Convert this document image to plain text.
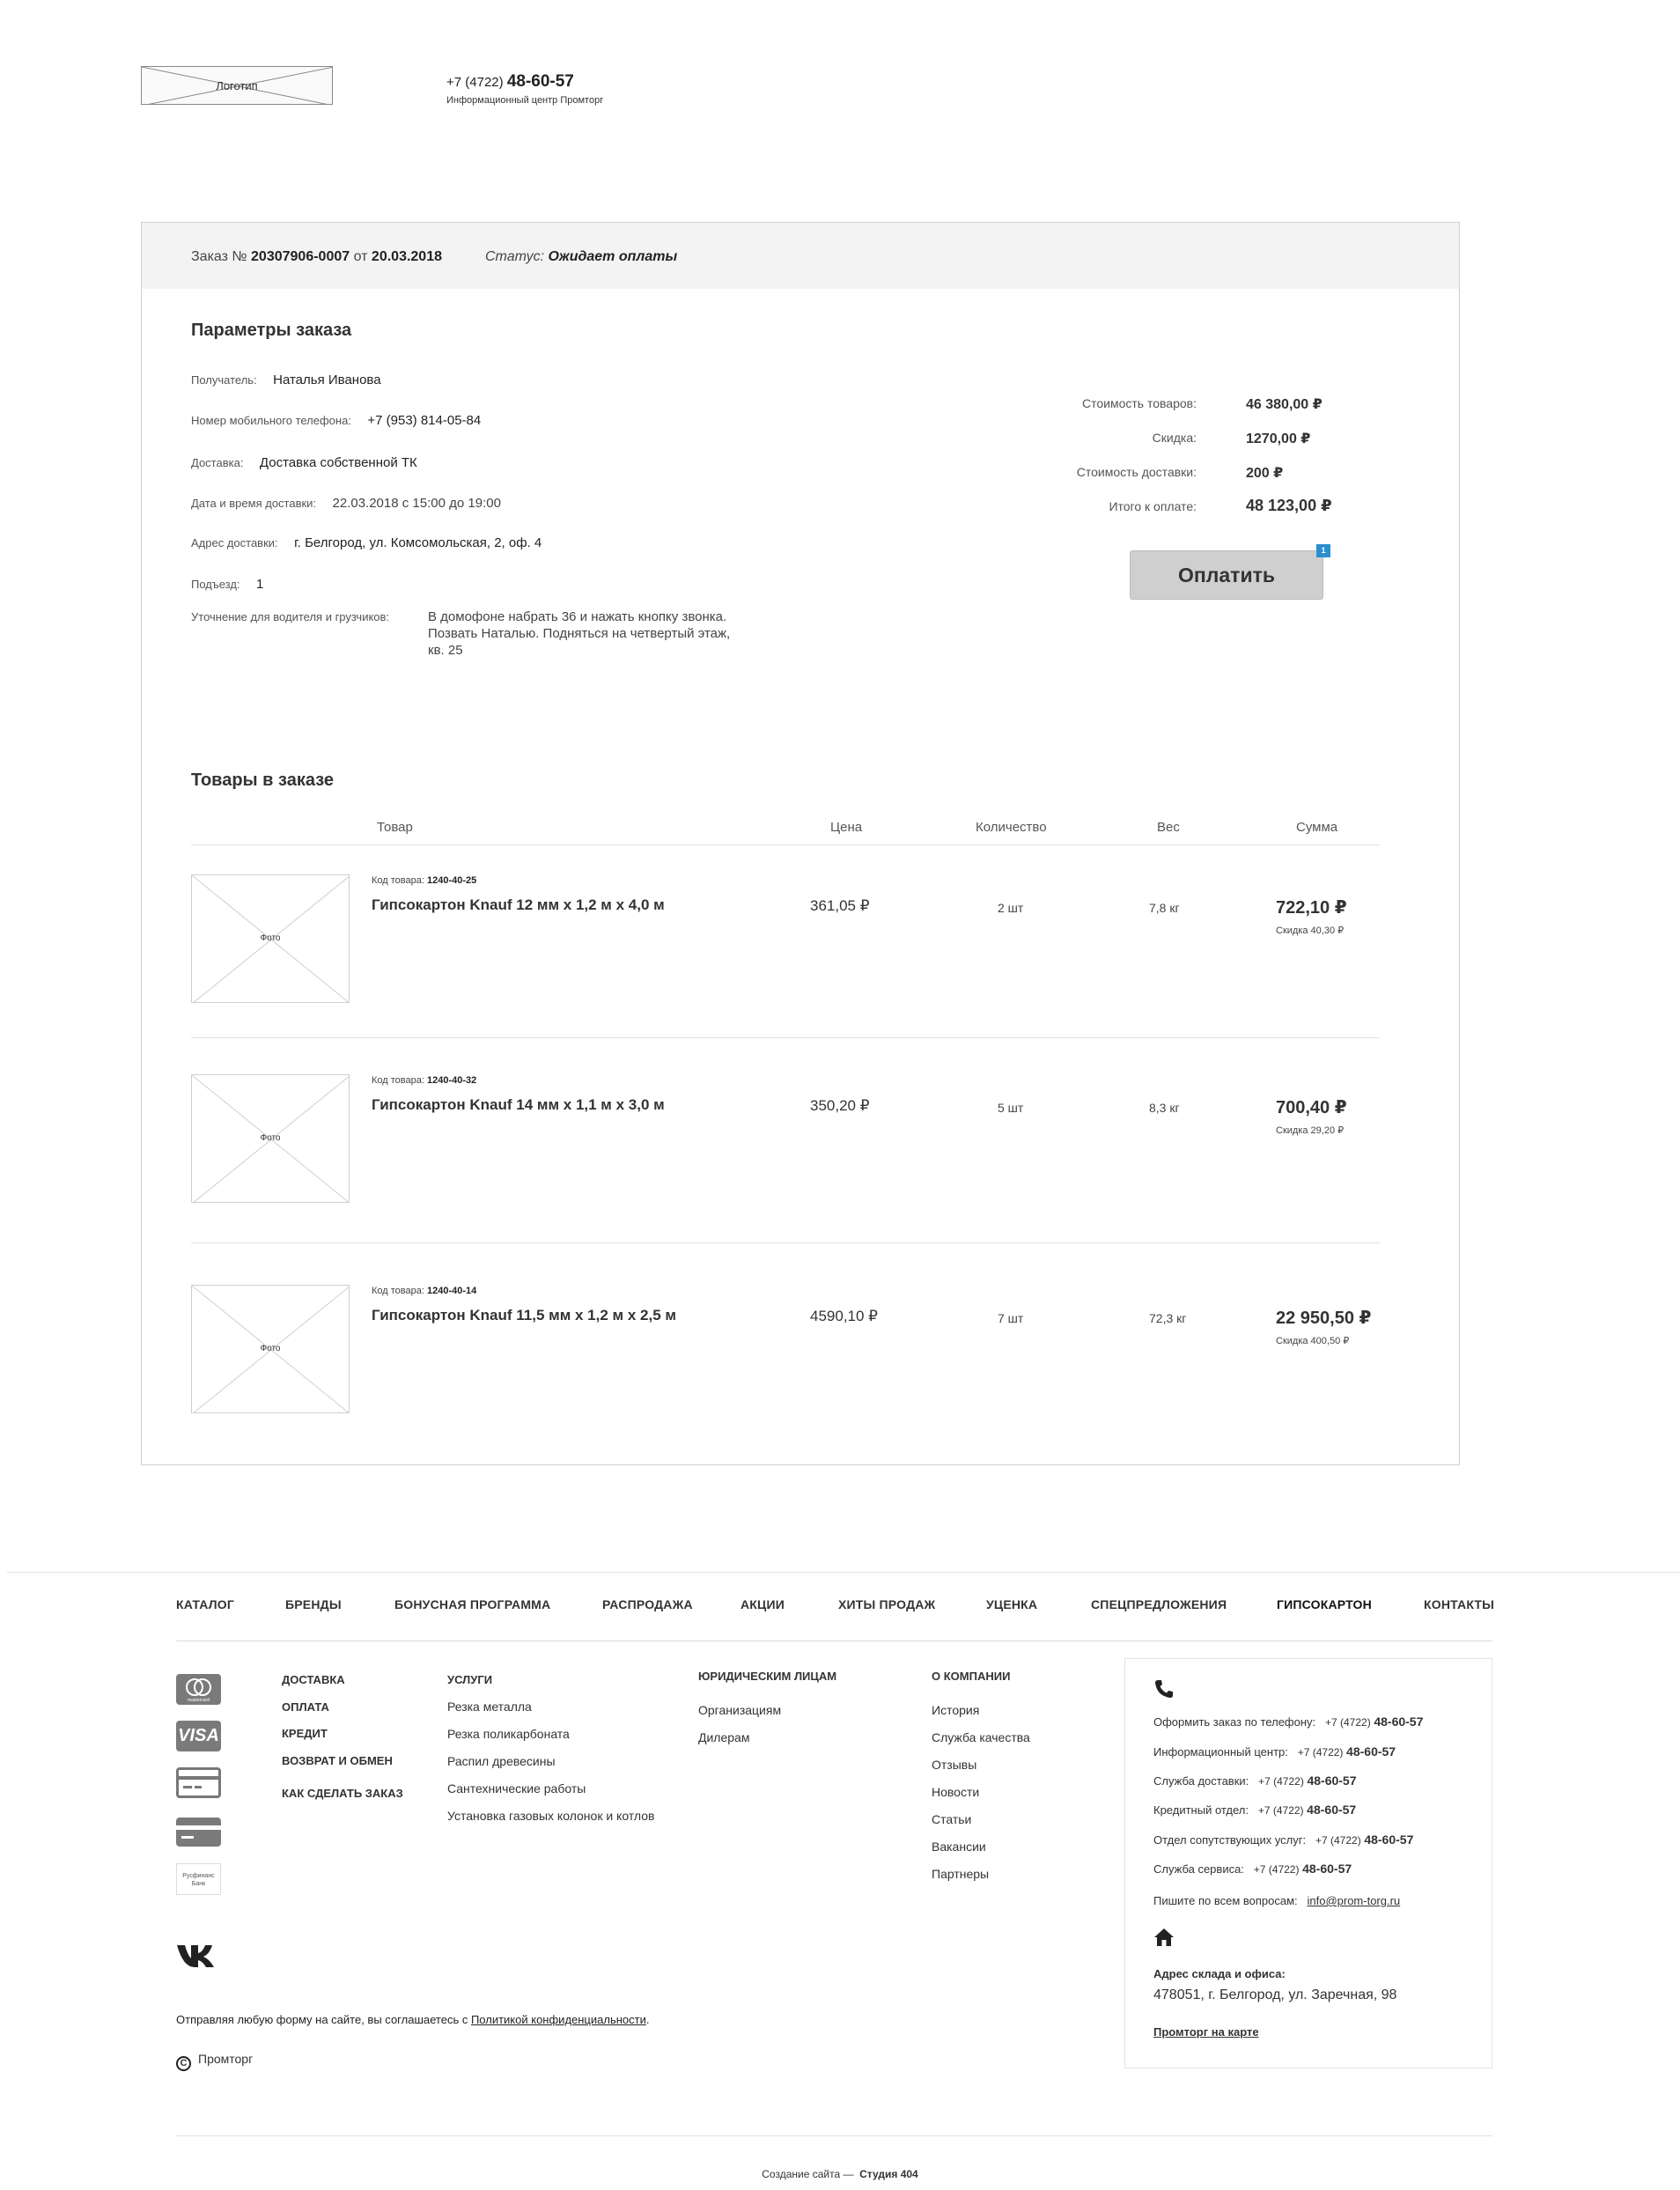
Логотип	+7 (4722) 48-60-57
Информационный центр Промторг
Заказ № 20307906-0007 от 20.03.2018	Статус: Ожидает оплаты
Параметры заказа
Получатель: Наталья Иванова
Номер мобильного телефона: +7 (953) 814-05-84
Доставка: Доставка собственной ТК
Дата и время доставки: 22.03.2018 с 15:00 до 19:00
Адрес доставки: г. Белгород, ул. Комсомольская, 2, оф. 4
Подъезд: 1
Уточнение для водителя и грузчиков:	В домофоне набрать 36 и нажать кнопку звонка.
Позвать Наталью. Подняться на четвертый этаж,
кв. 25
Стоимость товаров:	46 380,00 ₽
Скидка:	1270,00 ₽
Стоимость доставки:	200 ₽
Итого к оплате:	48 123,00 ₽
Оплатить
1
Товары в заказе
Товар	Цена	Количество	Вес	Сумма
Фото
Код товара: 1240-40-25
Гипсокартон Knauf 12 мм х 1,2 м х 4,0 м	361,05 ₽	2 шт	7,8 кг	722,10 ₽
Скидка 40,30 ₽
Фото
Код товара: 1240-40-32
Гипсокартон Knauf 14 мм х 1,1 м х 3,0 м	350,20 ₽	5 шт	8,3 кг	700,40 ₽
Скидка 29,20 ₽
Фото
Код товара: 1240-40-14
Гипсокартон Knauf 11,5 мм х 1,2 м х 2,5 м	4590,10 ₽	7 шт	72,3 кг	22 950,50 ₽
Скидка 400,50 ₽
КАТАЛОГ	БРЕНДЫ	БОНУСНАЯ ПРОГРАММА	РАСПРОДАЖА	АКЦИИ	ХИТЫ ПРОДАЖ	УЦЕНКА	СПЕЦПРЕДЛОЖЕНИЯ	ГИПСОКАРТОН	КОНТАКТЫ
mastercard
VISA
Русфинанс Банк
ДОСТАВКА
ОПЛАТА
КРЕДИТ
ВОЗВРАТ И ОБМЕН
КАК СДЕЛАТЬ ЗАКАЗ
УСЛУГИ
Резка металла
Резка поликарбоната
Распил древесины
Сантехнические работы
Установка газовых колонок и котлов
ЮРИДИЧЕСКИМ ЛИЦАМ
Организациям
Дилерам
О КОМПАНИИ
История
Служба качества
Отзывы
Новости
Статьи
Вакансии
Партнеры
Оформить заказ по телефону: +7 (4722) 48-60-57
Информационный центр: +7 (4722) 48-60-57
Служба доставки: +7 (4722) 48-60-57
Кредитный отдел: +7 (4722) 48-60-57
Отдел сопутствующих услуг: +7 (4722) 48-60-57
Служба сервиса: +7 (4722) 48-60-57
Пишите по всем вопросам: info@prom-torg.ru
Адрес склада и офиса:
478051, г. Белгород, ул. Заречная, 98
Промторг на карте
Отправляя любую форму на сайте, вы соглашаетесь с Политикой конфиденциальности.
C Промторг
Создание сайта — Студия 404
